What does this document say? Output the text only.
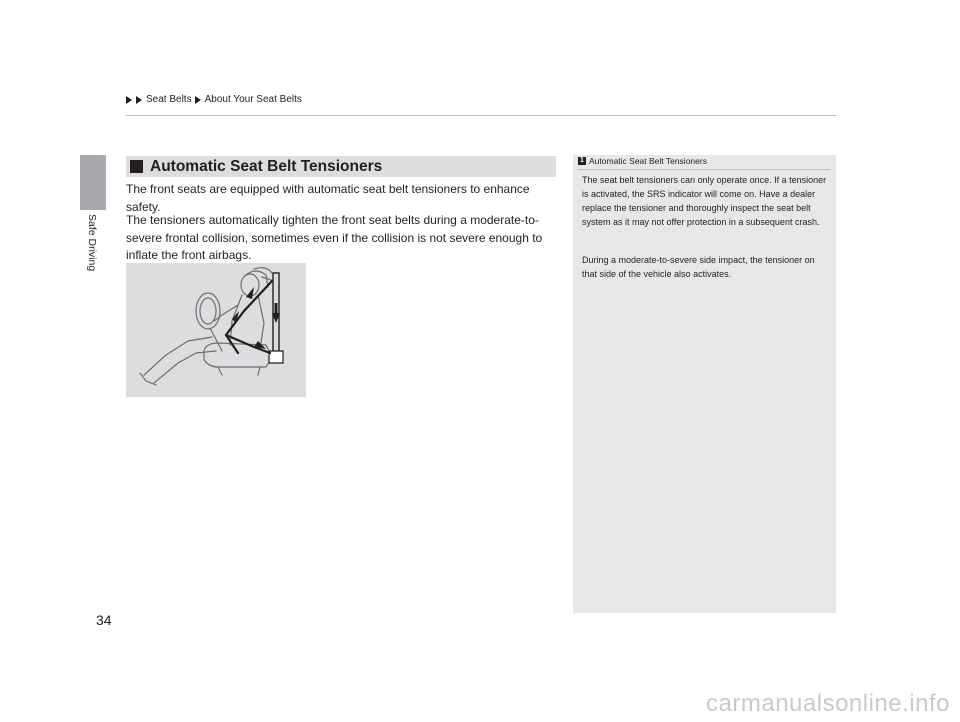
Seat Belts About Your Seat Belts
Safe Driving
Automatic Seat Belt Tensioners

The front seats are equipped with automatic seat belt tensioners to enhance safety.

The tensioners automatically tighten the front seat belts during a moderate-to-severe frontal collision, sometimes even if the collision is not severe enough to inflate the front airbags.

1 Automatic Seat Belt Tensioners

The seat belt tensioners can only operate once. If a tensioner is activated, the SRS indicator will come on. Have a dealer replace the tensioner and thoroughly inspect the seat belt system as it may not offer protection in a subsequent crash.

During a moderate-to-severe side impact, the tensioner on that side of the vehicle also activates.

34
carmanualsonline.info
